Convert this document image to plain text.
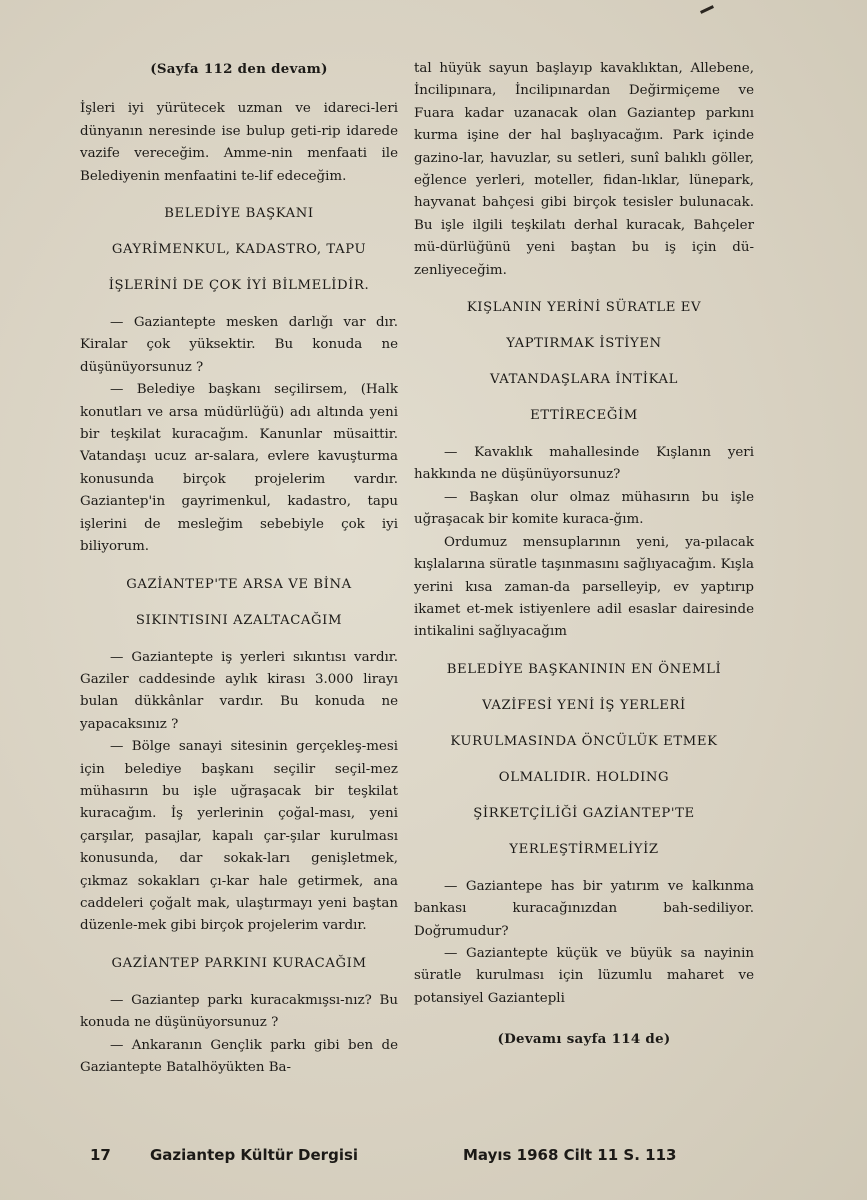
(Sayfa 112 den devam)

İşleri iyi yürütecek uzman ve idareci-leri dünyanın neresinde ise bulup geti-rip idarede vazife vereceğim. Amme-nin menfaati ile Belediyenin menfaatini te-lif edeceğim.

BELEDİYE BAŞKANI
GAYRİMENKUL, KADASTRO, TAPU
İŞLERİNİ DE ÇOK İYİ BİLMELİDİR.

— Gaziantepte mesken darlığı var dır. Kiralar çok yüksektir. Bu konuda ne düşünüyorsunuz ?

— Belediye başkanı seçilirsem, (Halk konutları ve arsa müdürlüğü) adı altında yeni bir teşkilat kuracağım. Kanunlar müsaittir. Vatandaşı ucuz ar-salara, evlere kavuşturma konusunda birçok projelerim vardır. Gaziantep'in gayrimenkul, kadastro, tapu işlerini de mesleğim sebebiyle çok iyi biliyorum.

GAZİANTEP'TE ARSA VE BİNA
SIKINTISINI AZALTACAĞIM

— Gaziantepte iş yerleri sıkıntısı vardır. Gaziler caddesinde aylık kirası 3.000 lirayı bulan dükkânlar vardır. Bu konuda ne yapacaksınız ?

— Bölge sanayi sitesinin gerçekleş-mesi için belediye başkanı seçilir seçil-mez mühasırın bu işle uğraşacak bir teşkilat kuracağım. İş yerlerinin çoğal-ması, yeni çarşılar, pasajlar, kapalı çar-şılar kurulması konusunda, dar sokak-ları genişletmek, çıkmaz sokakları çı-kar hale getirmek, ana caddeleri çoğalt mak, ulaştırmayı yeni baştan düzenle-mek gibi birçok projelerim vardır.

GAZİANTEP PARKINI KURACAĞIM

— Gaziantep parkı kuracakmışsı-nız? Bu konuda ne düşünüyorsunuz ?

— Ankaranın Gençlik parkı gibi ben de Gaziantepte Batalhöyükten Ba-

tal hüyük sayun başlayıp kavaklıktan, Allebene, İncilipınara, İncilipınardan Değirmiçeme ve Fuara kadar uzanacak olan Gaziantep parkını kurma işine der hal başlıyacağım. Park içinde gazino-lar, havuzlar, su setleri, sunî balıklı göller, eğlence yerleri, moteller, fidan-lıklar, lünepark, hayvanat bahçesi gibi birçok tesisler bulunacak. Bu işle ilgili teşkilatı derhal kuracak, Bahçeler mü-dürlüğünü yeni baştan bu iş için dü-zenliyeceğim.

KIŞLANIN YERİNİ SÜRATLE EV
YAPTIRMAK İSTİYEN
VATANDAŞLARA İNTİKAL
ETTİRECEĞİM

— Kavaklık mahallesinde Kışlanın yeri hakkında ne düşünüyorsunuz?

— Başkan olur olmaz mühasırın bu işle uğraşacak bir komite kuraca-ğım.

Ordumuz mensuplarının yeni, ya-pılacak kışlalarına süratle taşınmasını sağlıyacağım. Kışla yerini kısa zaman-da parselleyip, ev yaptırıp ikamet et-mek istiyenlere adil esaslar dairesinde intikalini sağlıyacağım

BELEDİYE BAŞKANININ EN ÖNEMLİ
VAZİFESİ YENİ İŞ YERLERİ
KURULMASINDA ÖNCÜLÜK ETMEK
OLMALIDIR. HOLDING
ŞİRKETÇİLİĞİ GAZİANTEP'TE
YERLEŞTİRMELİYİZ

— Gaziantepe has bir yatırım ve kalkınma bankası kuracağınızdan bah-sediliyor. Doğrumudur?

— Gaziantepte küçük ve büyük sa nayinin süratle kurulması için lüzumlu maharet ve potansiyel Gaziantepli

(Devamı sayfa 114 de)
17	Gaziantep Kültür Dergisi	Mayıs 1968 Cilt 11 S. 113
